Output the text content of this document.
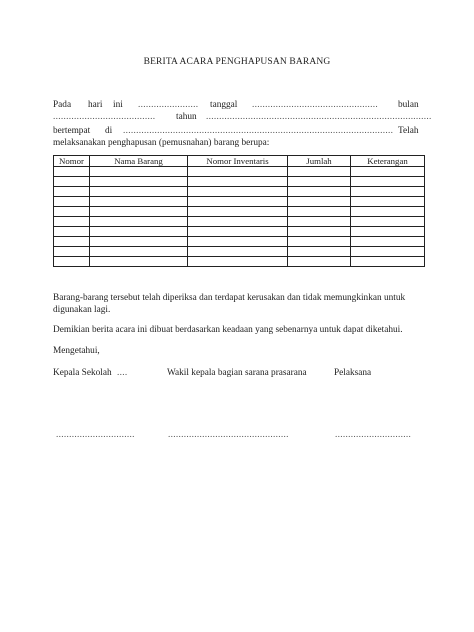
BERITA ACARA PENGHAPUSAN BARANG
Pada hari ini ....................... tanggal ................................................ bulan
....................................... tahun ......................................................................................
bertempat di ....................................................................................................... Telah
melaksanakan penghapusan (pemusnahan) barang berupa:
Nomor	Nama Barang	Nomor Inventaris	Jumlah	Keterangan

Barang-barang tersebut telah diperiksa dan terdapat kerusakan dan tidak memungkinkan untuk
digunakan lagi.
Demikian berita acara ini dibuat berdasarkan keadaan yang sebenarnya untuk dapat diketahui.
Mengetahui,
Kepala Sekolah ....	Wakil kepala bagian sarana prasarana	Pelaksana
..............................	..............................................	.............................
